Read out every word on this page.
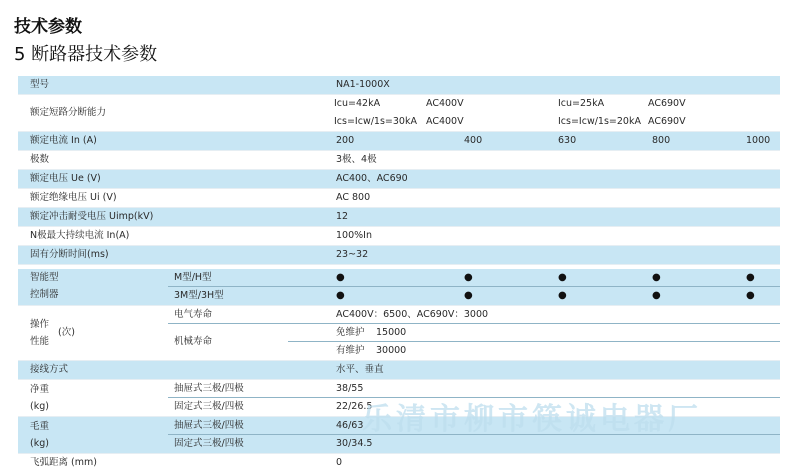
技术参数
5 断路器技术参数
型号	NA1-1000X
额定短路分断能力
Icu=42kA	AC400V	Icu=25kA	AC690V
Ics=Icw/1s=30kA AC400V	Ics=Icw/1s=20kA AC690V
额定电流 In (A)	200	400	630	800	1000
极数	3极、4极
额定电压 Ue (V)	AC400、AC690
额定绝缘电压 Ui (V)	AC 800
额定冲击耐受电压 Uimp(kV)	12
N极最大持续电流 In(A)	100%In
固有分断时间(ms)	23~32
智能型
控制器
M型/H型	●	●	●	●	●
3M型/3H型	●	●	●	●	●
操作
性能
(次)
电气寿命	AC400V：6500、AC690V：3000
机械寿命
免维护 15000
有维护 30000
接线方式	水平、垂直
净重
(kg)
抽屉式三极/四极	38/55
固定式三极/四极	22/26.5
毛重
(kg)
抽屉式三极/四极	46/63
固定式三极/四极	30/34.5
飞弧距离 (mm)	0
乐清市柳市筷诚电器厂
